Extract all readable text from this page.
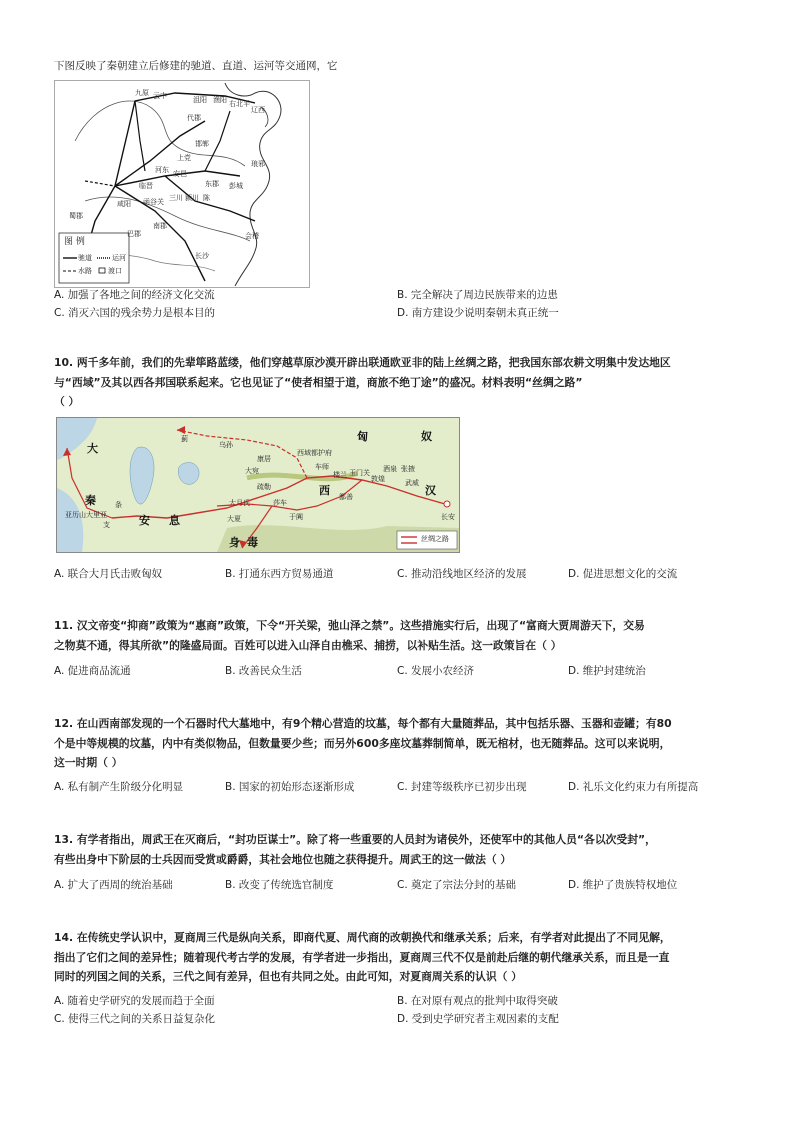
下图反映了秦朝建立后修建的驰道、直道、运河等交通网，它
图 例
驰道	运河
水路 渡口
九原 云中	沮阳 渔阳 右北平
辽西
代郡
邯郸
上党
河东 安邑
临晋
咸阳 函谷关 三川 颍川 陈
彭城
东郡
琅邪
会稽
长沙
南郡
巴郡
蜀郡
A. 加强了各地之间的经济文化交流	B. 完全解决了周边民族带来的边患
C. 消灭六国的残余势力是根本目的	D. 南方建设少说明秦朝未真正统一
10. 两千多年前，我们的先辈筚路蓝缕，他们穿越草原沙漠开辟出联通欧亚非的陆上丝绸之路，把我国东部农耕文明集中发达地区
与“西域”及其以西各邦国联系起来。它也见证了“使者相望于道，商旅不绝丁途”的盛况。材料表明“丝绸之路”
（ ）
匈	奴
大
秦
西	汉
安 息
身 毒
乌孙
康居
大宛
疏勒
莎车
于阗
大月氏
大夏
楼兰 玉门关
敦煌
酒泉 张掖
武威
长安
条
支
亚历山大里亚
西域都护府
鄯善
车师
蓟
丝绸之路
A. 联合大月氏击败匈奴	B. 打通东西方贸易通道	C. 推动沿线地区经济的发展	D. 促进思想文化的交流
11. 汉文帝变“抑商”政策为“惠商”政策，下令“开关梁，弛山泽之禁”。这些措施实行后，出现了“富商大贾周游天下，交易
之物莫不通，得其所欲”的隆盛局面。百姓可以进入山泽自由樵采、捕捞，以补贴生活。这一政策旨在（ ）
A. 促进商品流通	B. 改善民众生活	C. 发展小农经济	D. 维护封建统治
12. 在山西南部发现的一个石器时代大墓地中，有9个精心营造的坟墓，每个都有大量随葬品，其中包括乐器、玉器和壶罐；有80
个是中等规模的坟墓，内中有类似物品，但数量要少些；而另外600多座坟墓葬制简单，既无棺材，也无随葬品。这可以来说明，
这一时期（ ）
A. 私有制产生阶级分化明显	B. 国家的初始形态逐渐形成	C. 封建等级秩序已初步出现	D. 礼乐文化约束力有所提高
13. 有学者指出，周武王在灭商后，“封功臣谋士”。除了将一些重要的人员封为诸侯外，还使军中的其他人员“各以次受封”，
有些出身中下阶层的士兵因而受赏或爵爵，其社会地位也随之获得提升。周武王的这一做法（ ）
A. 扩大了西周的统治基础	B. 改变了传统选官制度	C. 奠定了宗法分封的基础	D. 维护了贵族特权地位
14. 在传统史学认识中，夏商周三代是纵向关系，即商代夏、周代商的改朝换代和继承关系；后来，有学者对此提出了不同见解，
指出了它们之间的差异性；随着现代考古学的发展，有学者进一步指出，夏商周三代不仅是前赴后继的朝代继承关系，而且是一直
同时的列国之间的关系，三代之间有差异，但也有共同之处。由此可知，对夏商周关系的认识（ ）
A. 随着史学研究的发展而趋于全面	B. 在对原有观点的批判中取得突破
C. 使得三代之间的关系日益复杂化	D. 受到史学研究者主观因素的支配
